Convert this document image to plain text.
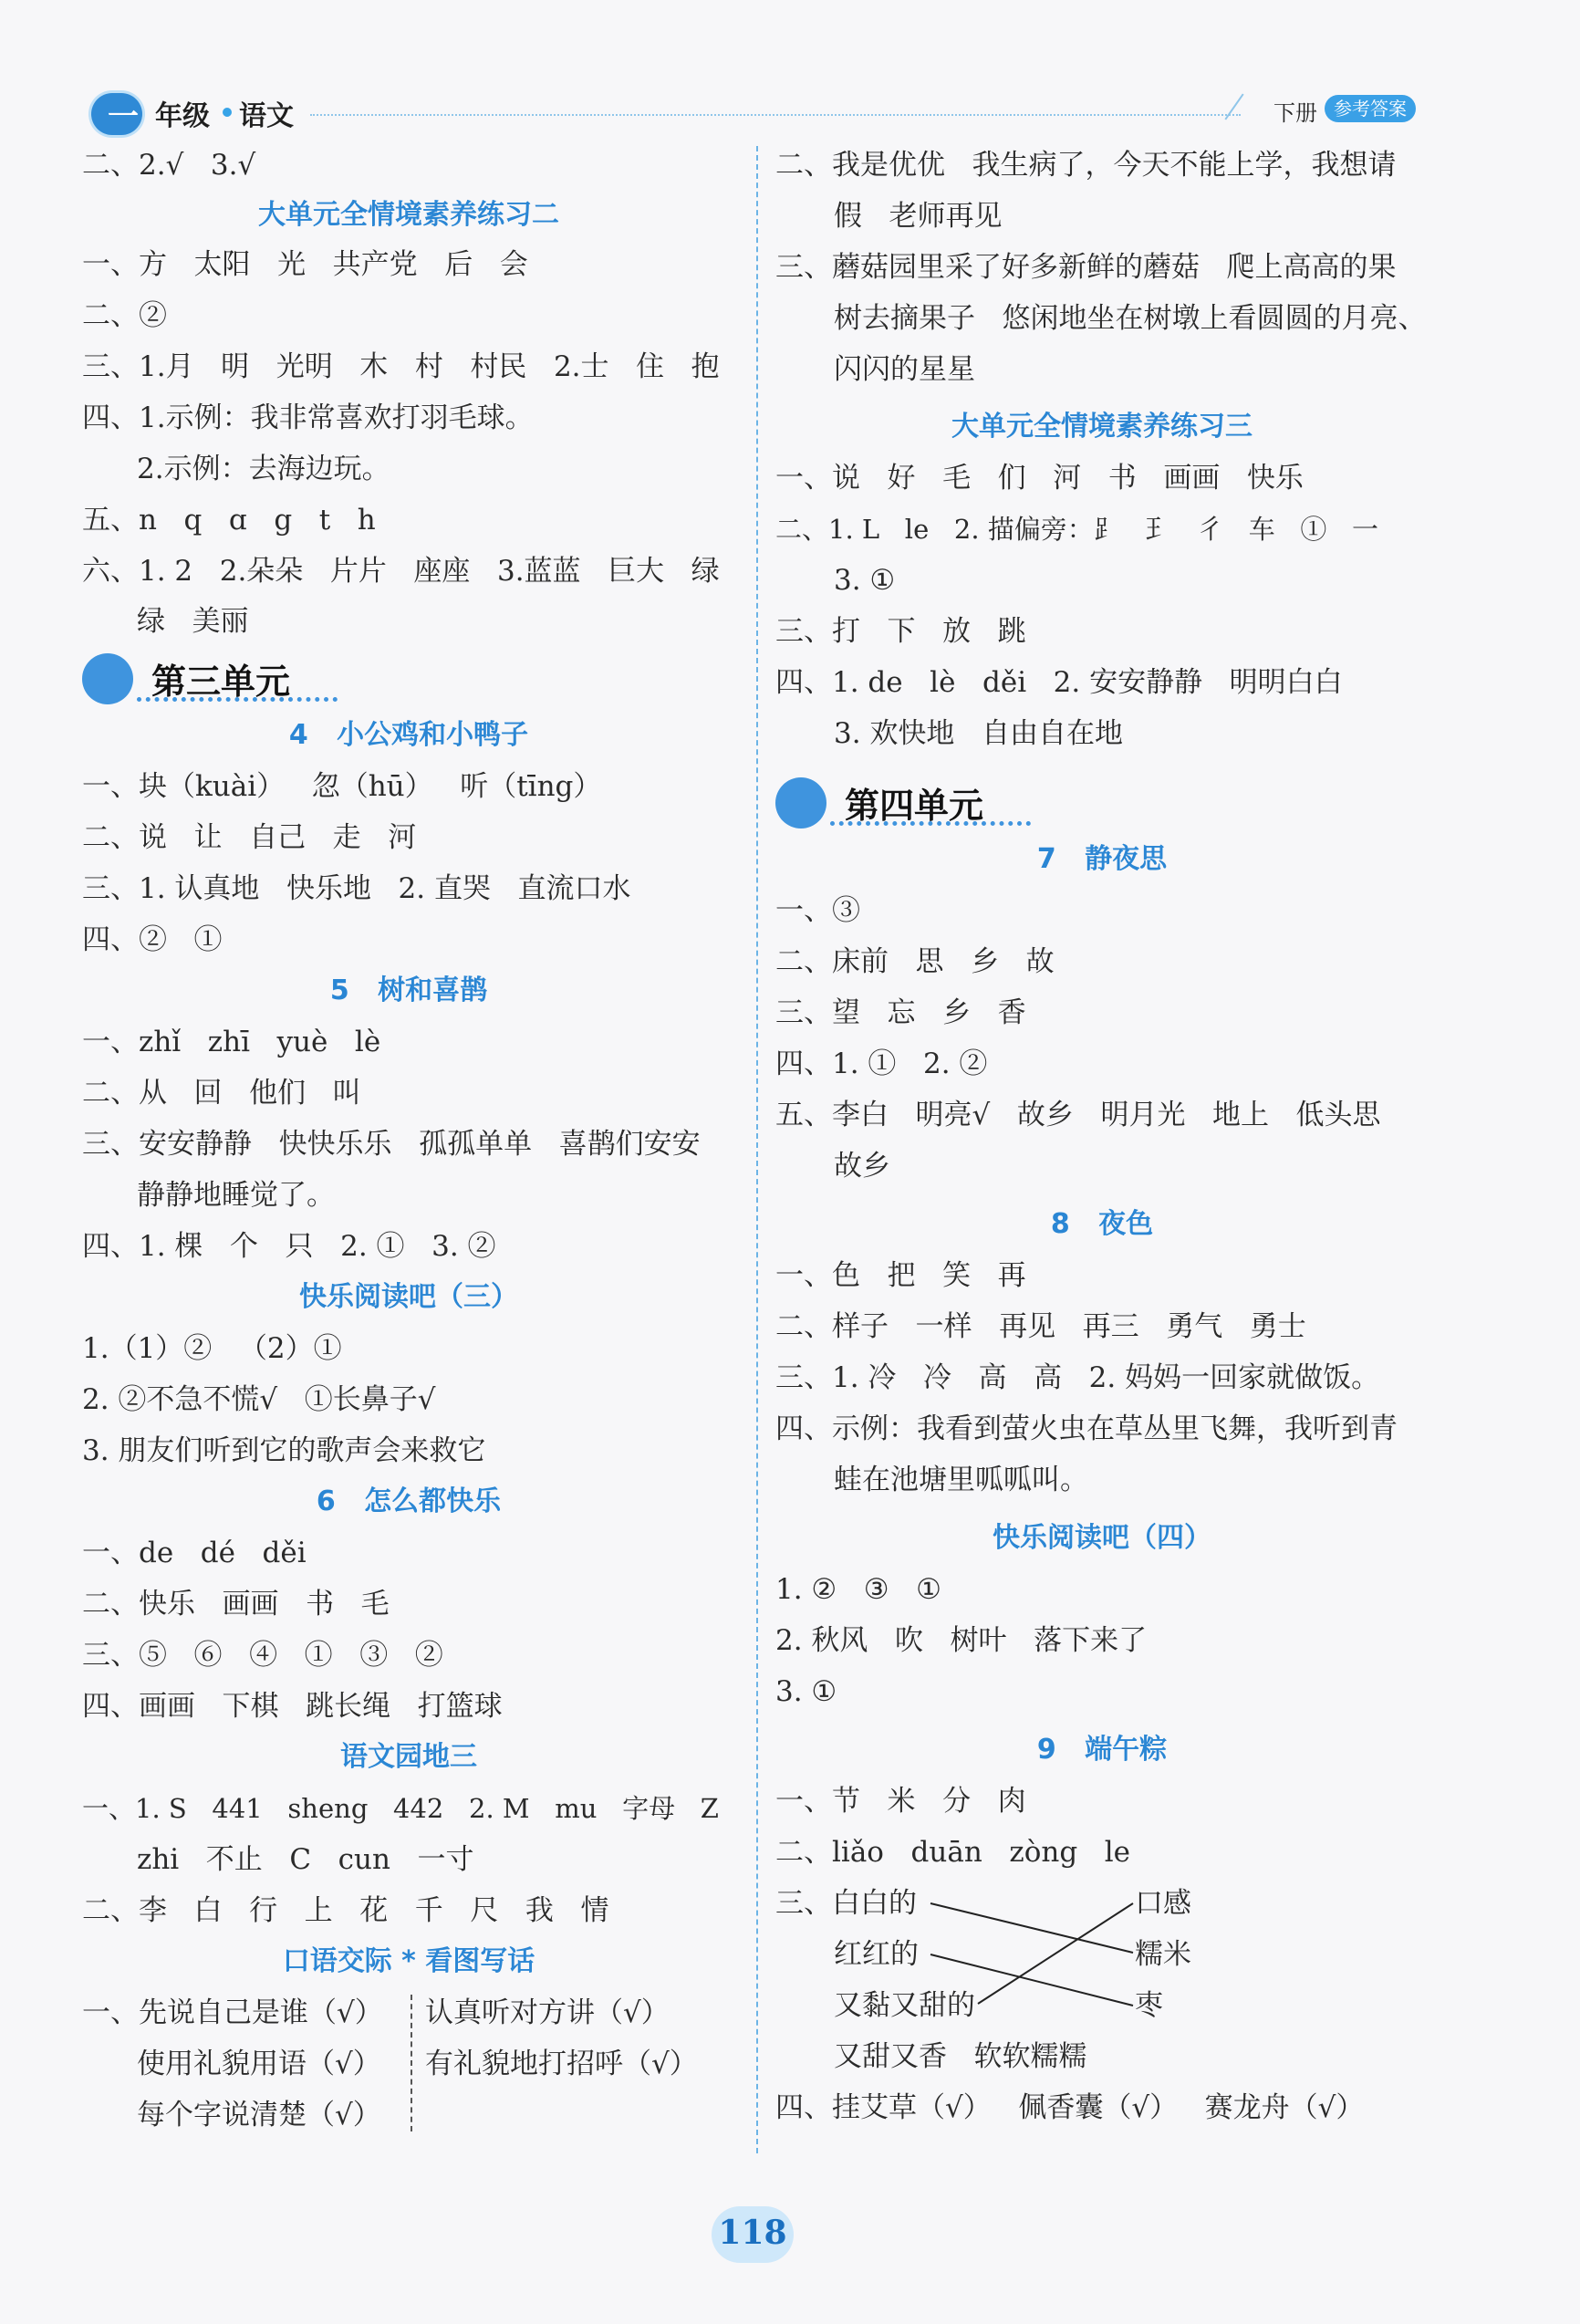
一 年级 语文	下册 参考答案
二、2.√   3.√
大单元全情境素养练习二
一、方   太阳   光   共产党   后   会
二、②
三、1.月   明   光明   木   村   村民   2.士   住   抱
四、1.示例：我非常喜欢打羽毛球。
2.示例：去海边玩。
五、n   q   ɑ   g   t   h
六、1. 2   2.朵朵   片片   座座   3.蓝蓝   巨大   绿
绿   美丽
第三单元
4   小公鸡和小鸭子
一、块（kuài）   忽（hū）   听（tīng）
二、说   让   自己   走   河
三、1. 认真地   快乐地   2. 直哭   直流口水
四、②   ①
5   树和喜鹊
一、zhǐ   zhī   yuè   lè
二、从   回   他们   叫
三、安安静静   快快乐乐   孤孤单单   喜鹊们安安
静静地睡觉了。
四、1. 棵   个   只   2. ①   3. ②
快乐阅读吧（三）
1.（1）②   （2）①
2. ②不急不慌√   ①长鼻子√
3. 朋友们听到它的歌声会来救它
6   怎么都快乐
一、de   dé   děi
二、快乐   画画   书   毛
三、⑤   ⑥   ④   ①   ③   ②
四、画画   下棋   跳长绳   打篮球
语文园地三
一、1. S   441   sheng   442   2. M   mu   字母   Z
zhi   不止   C   cun   一寸
二、李   白   行   上   花   千   尺   我   情
口语交际 * 看图写话
一、先说自己是谁（√） 认真听对方讲（√）
使用礼貌用语（√） 有礼貌地打招呼（√）
每个字说清楚（√）
二、我是优优   我生病了，今天不能上学，我想请
假   老师再见
三、蘑菇园里采了好多新鲜的蘑菇   爬上高高的果
树去摘果子   悠闲地坐在树墩上看圆圆的月亮、
闪闪的星星
大单元全情境素养练习三
一、说   好   毛   们   河   书   画画   快乐
二、1. L   le   2. 描偏旁：⻊   ⺩   彳   ⻋   ①   一
3. ①
三、打   下   放   跳
四、1. de   lè   děi   2. 安安静静   明明白白
3. 欢快地   自由自在地
第四单元
7   静夜思
一、③
二、床前   思   乡   故
三、望   忘   乡   香
四、1. ①   2. ②
五、李白   明亮√   故乡   明月光   地上   低头思
故乡
8   夜色
一、色   把   笑   再
二、样子   一样   再见   再三   勇气   勇士
三、1. 冷   冷   高   高   2. 妈妈一回家就做饭。
四、示例：我看到萤火虫在草丛里飞舞，我听到青
蛙在池塘里呱呱叫。
快乐阅读吧（四）
1. ②   ③   ①
2. 秋风   吹   树叶   落下来了
3. ①
9   端午粽
一、节   米   分   肉
二、liǎo   duān   zòng   le
三、白白的	口感
红红的	糯米
又黏又甜的	枣
又甜又香   软软糯糯
四、挂艾草（√）   佩香囊（√）   赛龙舟（√）
118
